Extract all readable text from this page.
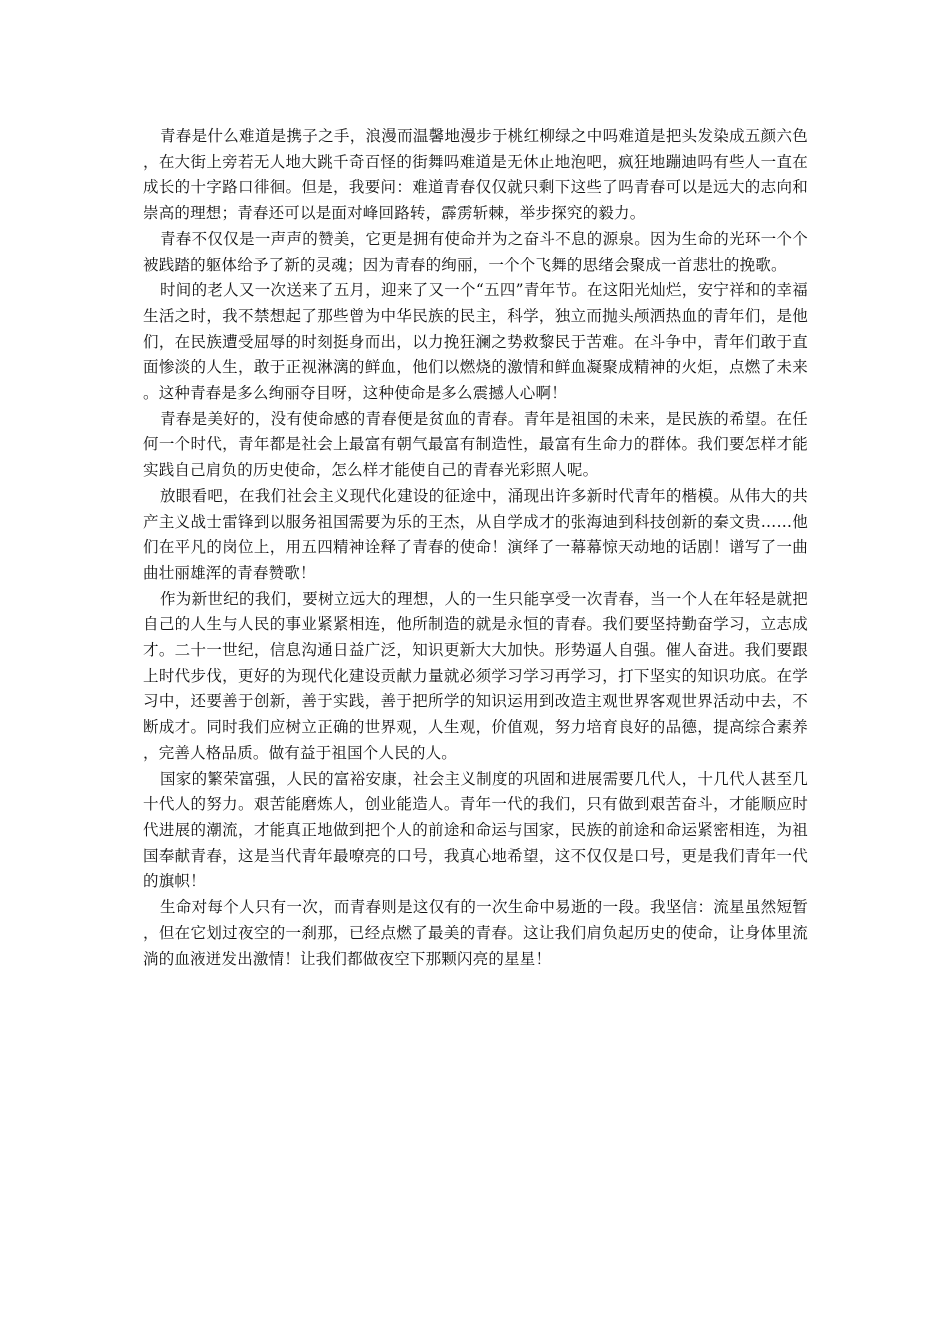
青春是什么难道是携子之手，浪漫而温馨地漫步于桃红柳绿之中吗难道是把头发染成五颜六色，在大街上旁若无人地大跳千奇百怪的街舞吗难道是无休止地泡吧，疯狂地蹦迪吗有些人一直在成长的十字路口徘徊。但是，我要问：难道青春仅仅就只剩下这些了吗青春可以是远大的志向和崇高的理想；青春还可以是面对峰回路转，霹雳斩棘，举步探究的毅力。

青春不仅仅是一声声的赞美，它更是拥有使命并为之奋斗不息的源泉。因为生命的光环一个个被践踏的躯体给予了新的灵魂；因为青春的绚丽，一个个飞舞的思绪会聚成一首悲壮的挽歌。

时间的老人又一次送来了五月，迎来了又一个“五四”青年节。在这阳光灿烂，安宁祥和的幸福生活之时，我不禁想起了那些曾为中华民族的民主，科学，独立而抛头颅洒热血的青年们，是他们，在民族遭受屈辱的时刻挺身而出，以力挽狂澜之势救黎民于苦难。在斗争中，青年们敢于直面惨淡的人生，敢于正视淋漓的鲜血，他们以燃烧的激情和鲜血凝聚成精神的火炬，点燃了未来。这种青春是多么绚丽夺目呀，这种使命是多么震撼人心啊！

青春是美好的，没有使命感的青春便是贫血的青春。青年是祖国的未来，是民族的希望。在任何一个时代，青年都是社会上最富有朝气最富有制造性，最富有生命力的群体。我们要怎样才能实践自己肩负的历史使命，怎么样才能使自己的青春光彩照人呢。

放眼看吧，在我们社会主义现代化建设的征途中，涌现出许多新时代青年的楷模。从伟大的共产主义战士雷锋到以服务祖国需要为乐的王杰，从自学成才的张海迪到科技创新的秦文贵……他们在平凡的岗位上，用五四精神诠释了青春的使命！演绎了一幕幕惊天动地的话剧！谱写了一曲曲壮丽雄浑的青春赞歌！

作为新世纪的我们，要树立远大的理想，人的一生只能享受一次青春，当一个人在年轻是就把自己的人生与人民的事业紧紧相连，他所制造的就是永恒的青春。我们要坚持勤奋学习，立志成才。二十一世纪，信息沟通日益广泛，知识更新大大加快。形势逼人自强。催人奋进。我们要跟上时代步伐，更好的为现代化建设贡献力量就必须学习学习再学习，打下坚实的知识功底。在学习中，还要善于创新，善于实践，善于把所学的知识运用到改造主观世界客观世界活动中去，不断成才。同时我们应树立正确的世界观，人生观，价值观，努力培育良好的品德，提高综合素养，完善人格品质。做有益于祖国个人民的人。

国家的繁荣富强，人民的富裕安康，社会主义制度的巩固和进展需要几代人，十几代人甚至几十代人的努力。艰苦能磨炼人，创业能造人。青年一代的我们，只有做到艰苦奋斗，才能顺应时代进展的潮流，才能真正地做到把个人的前途和命运与国家，民族的前途和命运紧密相连，为祖国奉献青春，这是当代青年最嘹亮的口号，我真心地希望，这不仅仅是口号，更是我们青年一代的旗帜！

生命对每个人只有一次，而青春则是这仅有的一次生命中易逝的一段。我坚信：流星虽然短暂，但在它划过夜空的一刹那，已经点燃了最美的青春。这让我们肩负起历史的使命，让身体里流淌的血液迸发出激情！让我们都做夜空下那颗闪亮的星星！
